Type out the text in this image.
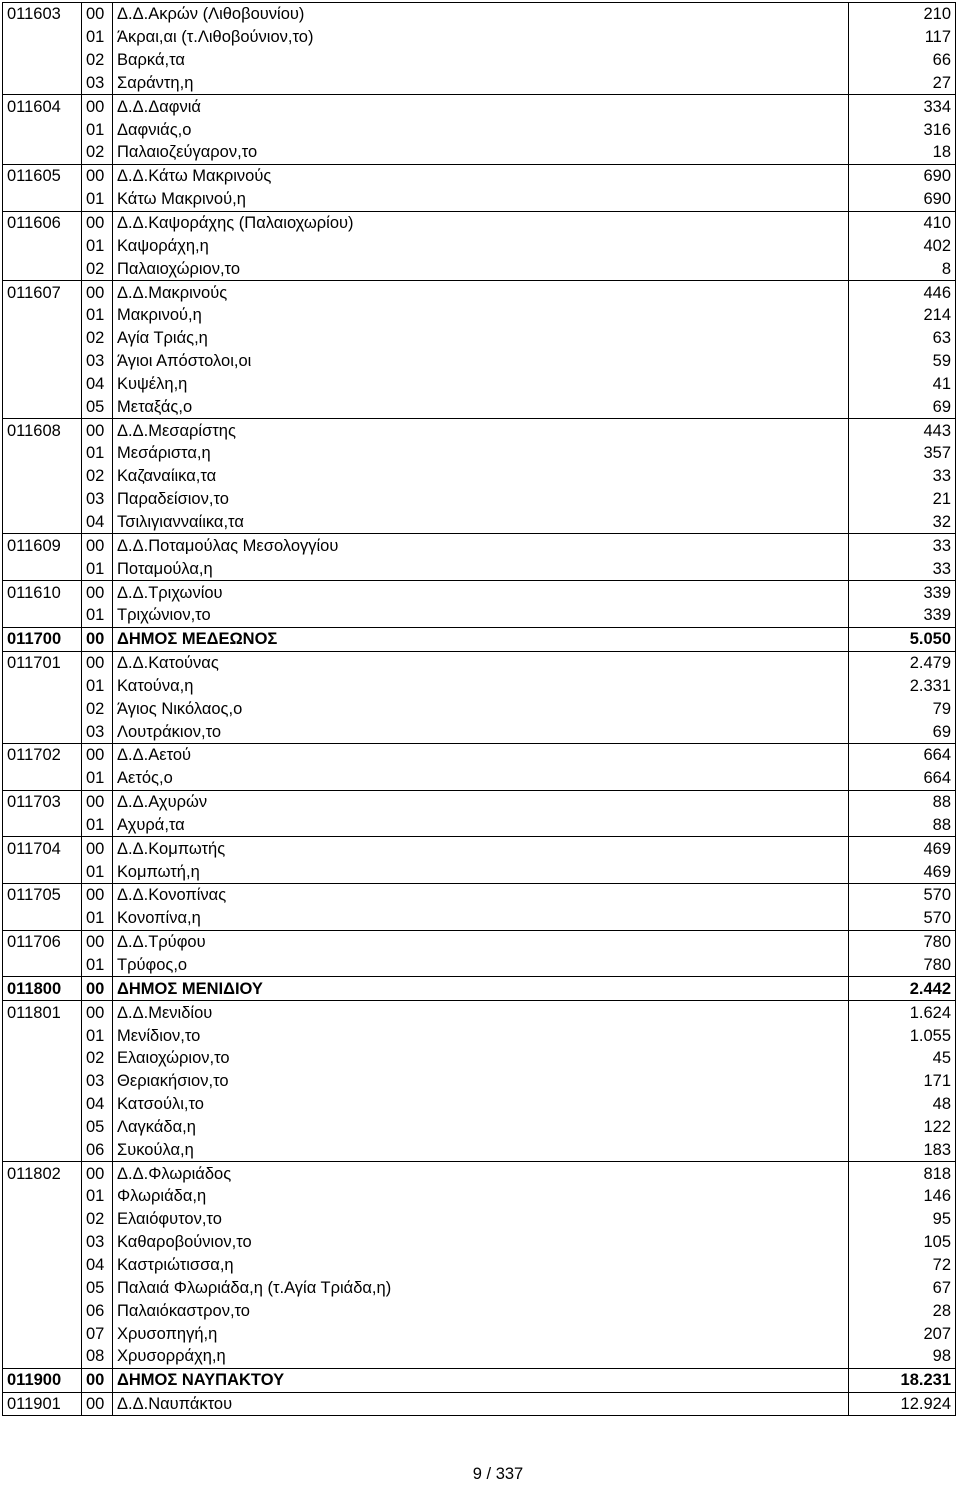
011603	00	Δ.Δ.Ακρών (Λιθοβουνίου)	210
	01	Άκραι,αι (τ.Λιθοβούνιον,το)	117
	02	Βαρκά,τα	66
	03	Σαράντη,η	27
011604	00	Δ.Δ.Δαφνιά	334
	01	Δαφνιάς,ο	316
	02	Παλαιοζεύγαρον,το	18
011605	00	Δ.Δ.Κάτω Μακρινούς	690
	01	Κάτω Μακρινού,η	690
011606	00	Δ.Δ.Καψοράχης (Παλαιοχωρίου)	410
	01	Καψοράχη,η	402
	02	Παλαιοχώριον,το	8
011607	00	Δ.Δ.Μακρινούς	446
	01	Μακρινού,η	214
	02	Αγία Τριάς,η	63
	03	Άγιοι Απόστολοι,οι	59
	04	Κυψέλη,η	41
	05	Μεταξάς,ο	69
011608	00	Δ.Δ.Μεσαρίστης	443
	01	Μεσάριστα,η	357
	02	Καζαναίικα,τα	33
	03	Παραδείσιον,το	21
	04	Τσιλιγιανναίικα,τα	32
011609	00	Δ.Δ.Ποταμούλας Μεσολογγίου	33
	01	Ποταμούλα,η	33
011610	00	Δ.Δ.Τριχωνίου	339
	01	Τριχώνιον,το	339
011700	00	ΔΗΜΟΣ ΜΕΔΕΩΝΟΣ	5.050
011701	00	Δ.Δ.Κατούνας	2.479
	01	Κατούνα,η	2.331
	02	Άγιος Νικόλαος,ο	79
	03	Λουτράκιον,το	69
011702	00	Δ.Δ.Αετού	664
	01	Αετός,ο	664
011703	00	Δ.Δ.Αχυρών	88
	01	Αχυρά,τα	88
011704	00	Δ.Δ.Κομπωτής	469
	01	Κομπωτή,η	469
011705	00	Δ.Δ.Κονοπίνας	570
	01	Κονοπίνα,η	570
011706	00	Δ.Δ.Τρύφου	780
	01	Τρύφος,ο	780
011800	00	ΔΗΜΟΣ ΜΕΝΙΔΙΟΥ	2.442
011801	00	Δ.Δ.Μενιδίου	1.624
	01	Μενίδιον,το	1.055
	02	Ελαιοχώριον,το	45
	03	Θεριακήσιον,το	171
	04	Κατσούλι,το	48
	05	Λαγκάδα,η	122
	06	Συκούλα,η	183
011802	00	Δ.Δ.Φλωριάδος	818
	01	Φλωριάδα,η	146
	02	Ελαιόφυτον,το	95
	03	Καθαροβούνιον,το	105
	04	Καστριώτισσα,η	72
	05	Παλαιά Φλωριάδα,η (τ.Αγία Τριάδα,η)	67
	06	Παλαιόκαστρον,το	28
	07	Χρυσοπηγή,η	207
	08	Χρυσορράχη,η	98
011900	00	ΔΗΜΟΣ ΝΑΥΠΑΚΤΟΥ	18.231
011901	00	Δ.Δ.Ναυπάκτου	12.924
9 / 337
